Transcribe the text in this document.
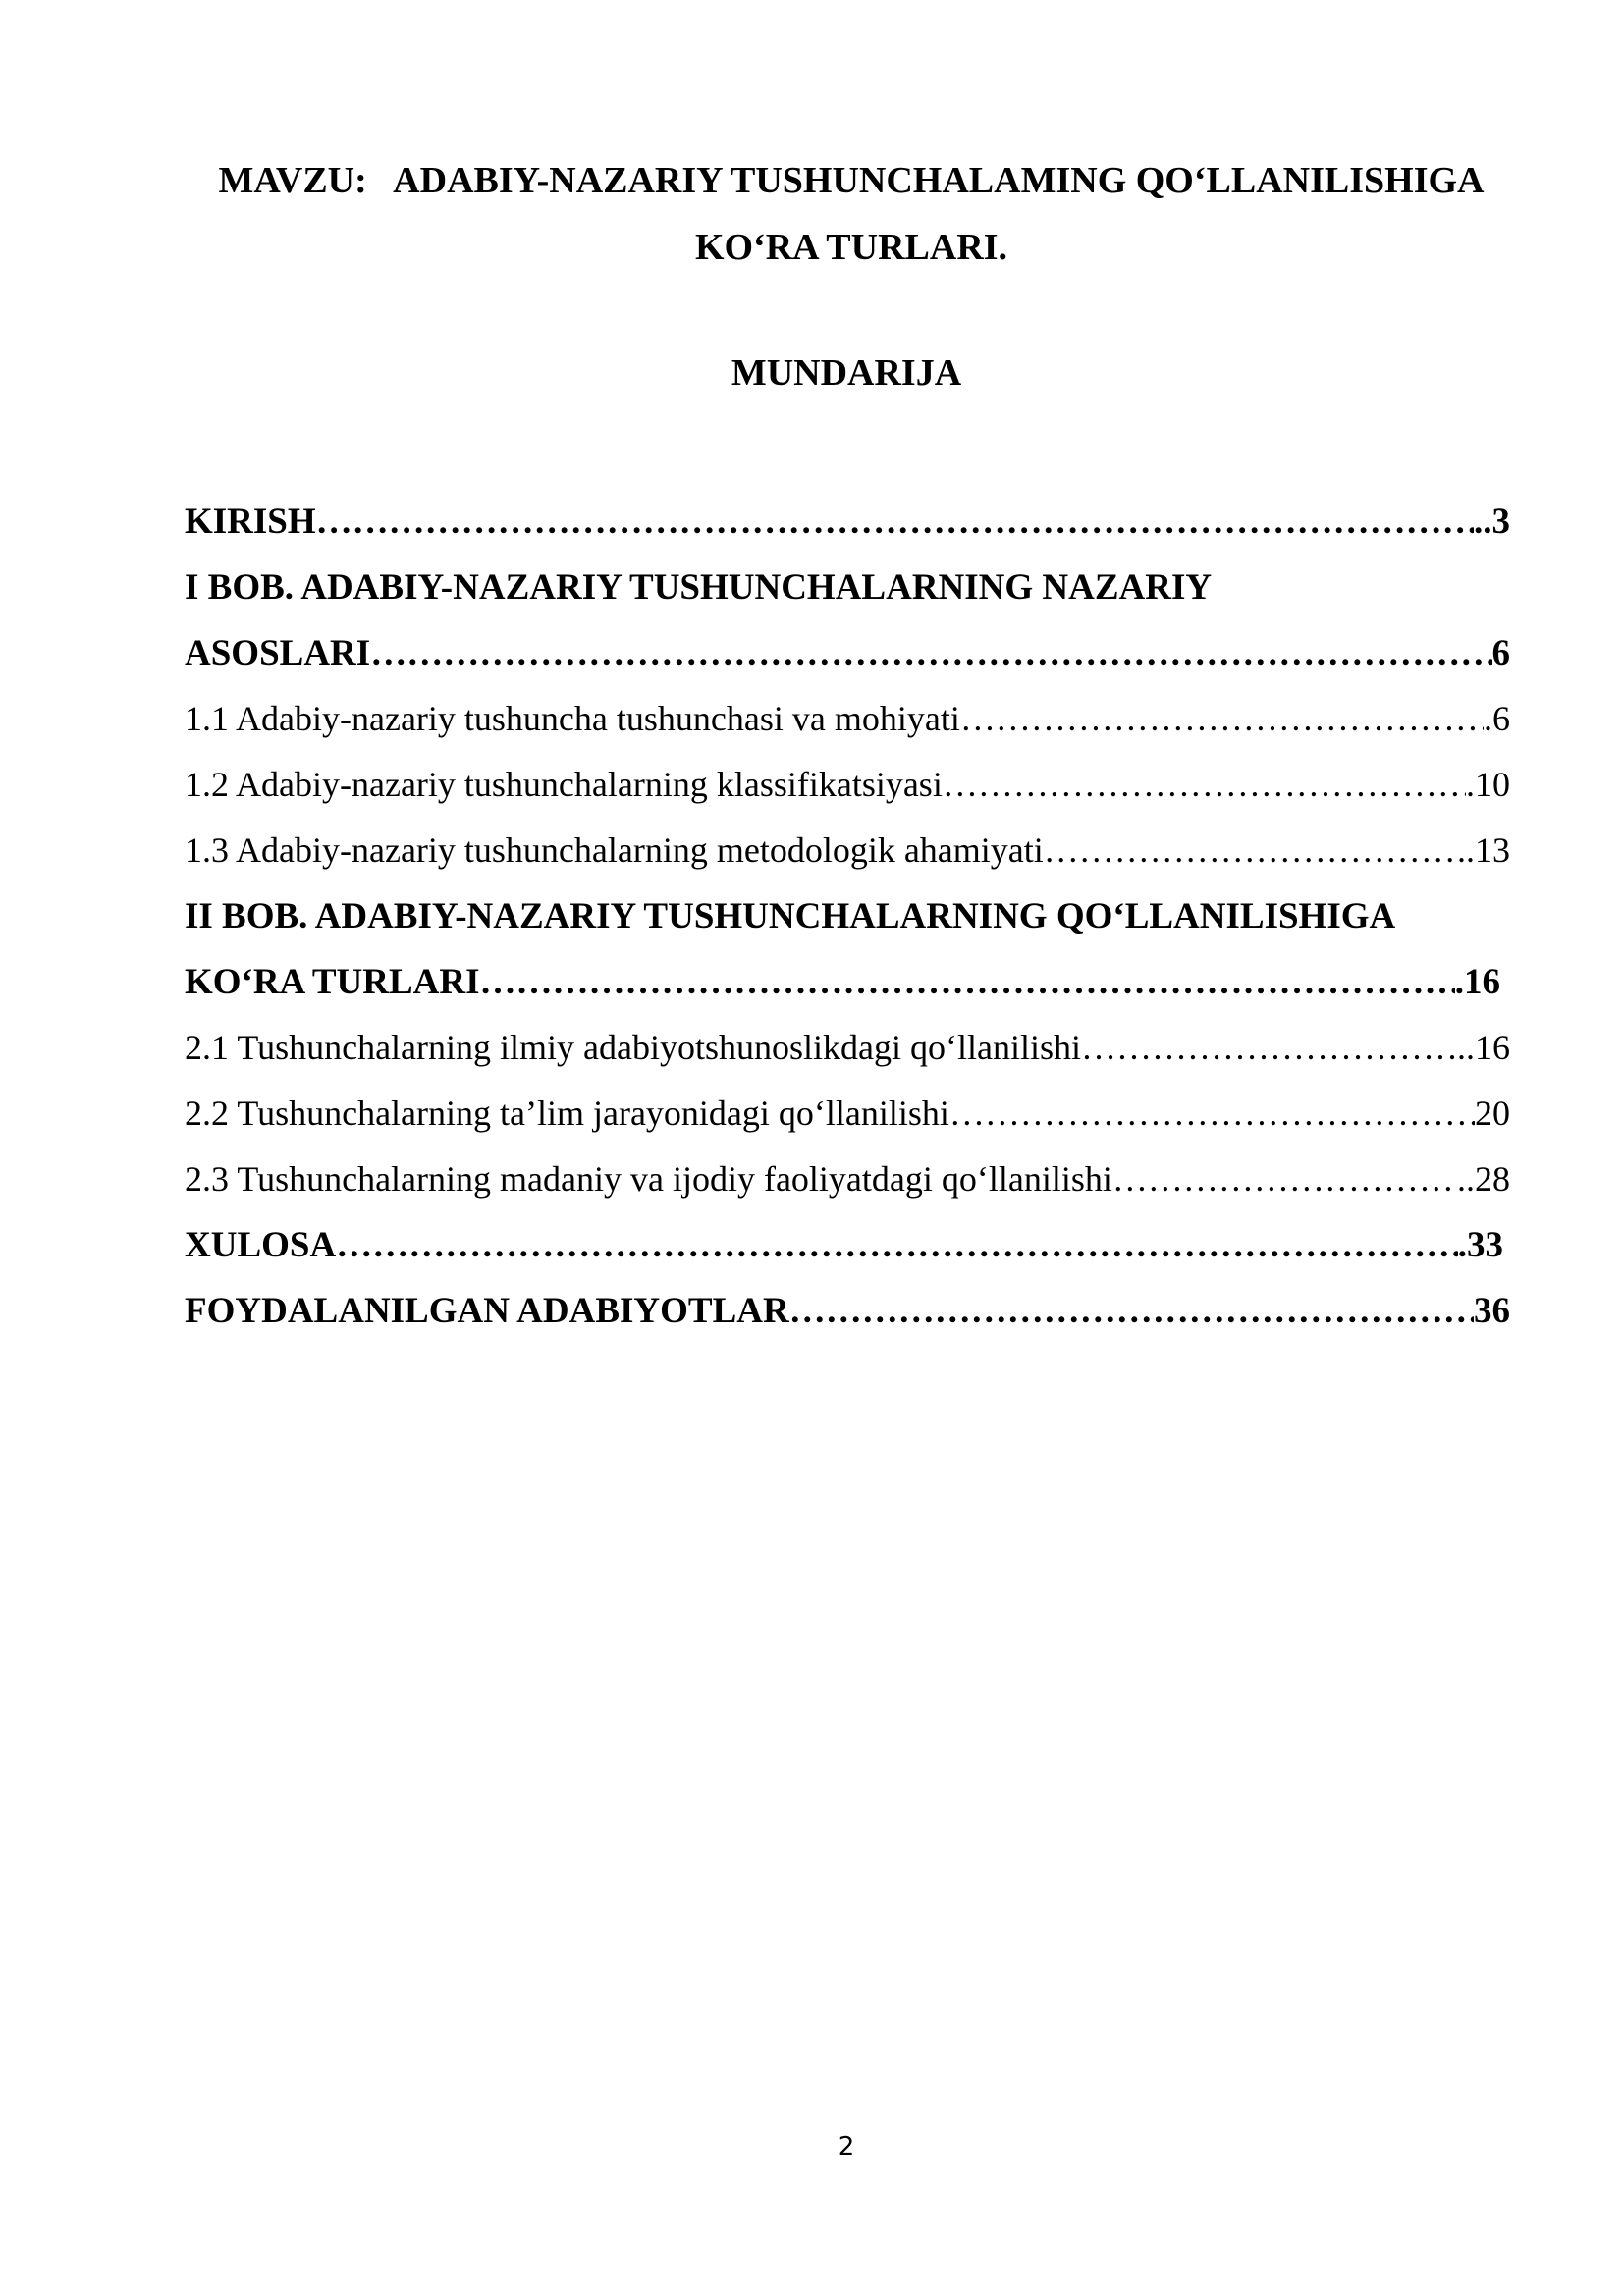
MAVZU:   ADABIY-NAZARIY TUSHUNCHALAMING QO‘LLANILISHIGA
KO‘RA TURLARI.
MUNDARIJA
KIRISH ……………………………………………………………………………………………………………………………………………………………………………………	..3
I BOB. ADABIY-NAZARIY TUSHUNCHALARNING NAZARIY
ASOSLARI ……………………………………………………………………………………………………………………………………………………………………………………	6
1.1 Adabiy-nazariy tushuncha tushunchasi va mohiyati ……………………………………………………………………………………………………………………………………………………………………………………	.6
1.2 Adabiy-nazariy tushunchalarning klassifikatsiyasi ……………………………………………………………………………………………………………………………………………………………………………………	.10
1.3 Adabiy-nazariy tushunchalarning metodologik ahamiyati ……………………………………………………………………………………………………………………………………………………………………………………	..13
II BOB. ADABIY-NAZARIY TUSHUNCHALARNING QO‘LLANILISHIGA
KO‘RA TURLARI ……………………………………………………………………………………………………………………………………………………………………………………	.16
2.1 Tushunchalarning ilmiy adabiyotshunoslikdagi qo‘llanilishi ……………………………………………………………………………………………………………………………………………………………………………………	..16
2.2 Tushunchalarning ta’lim jarayonidagi qo‘llanilishi ……………………………………………………………………………………………………………………………………………………………………………………	20
2.3 Tushunchalarning madaniy va ijodiy faoliyatdagi qo‘llanilishi ……………………………………………………………………………………………………………………………………………………………………………………	..28
XULOSA ……………………………………………………………………………………………………………………………………………………………………………………	.33
FOYDALANILGAN ADABIYOTLAR ……………………………………………………………………………………………………………………………………………………………………………………	36
2
